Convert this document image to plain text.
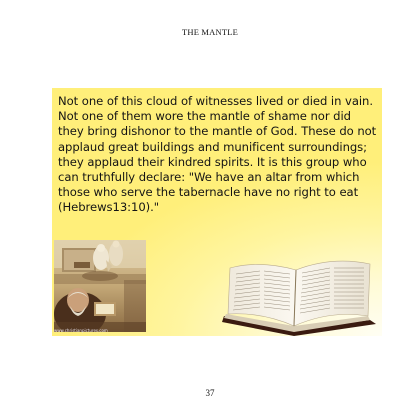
THE MANTLE

Not one of this cloud of witnesses lived or died in vain. Not one of them wore the mantle of shame nor did they bring dishonor to the mantle of God. These do not applaud great buildings and munificent surroundings; they applaud their kindred spirits. It is this group who can truthfully declare: "We have an altar from which those who serve the tabernacle have no right to eat (Hebrews13:10)."

www.christianpictures.com
37
